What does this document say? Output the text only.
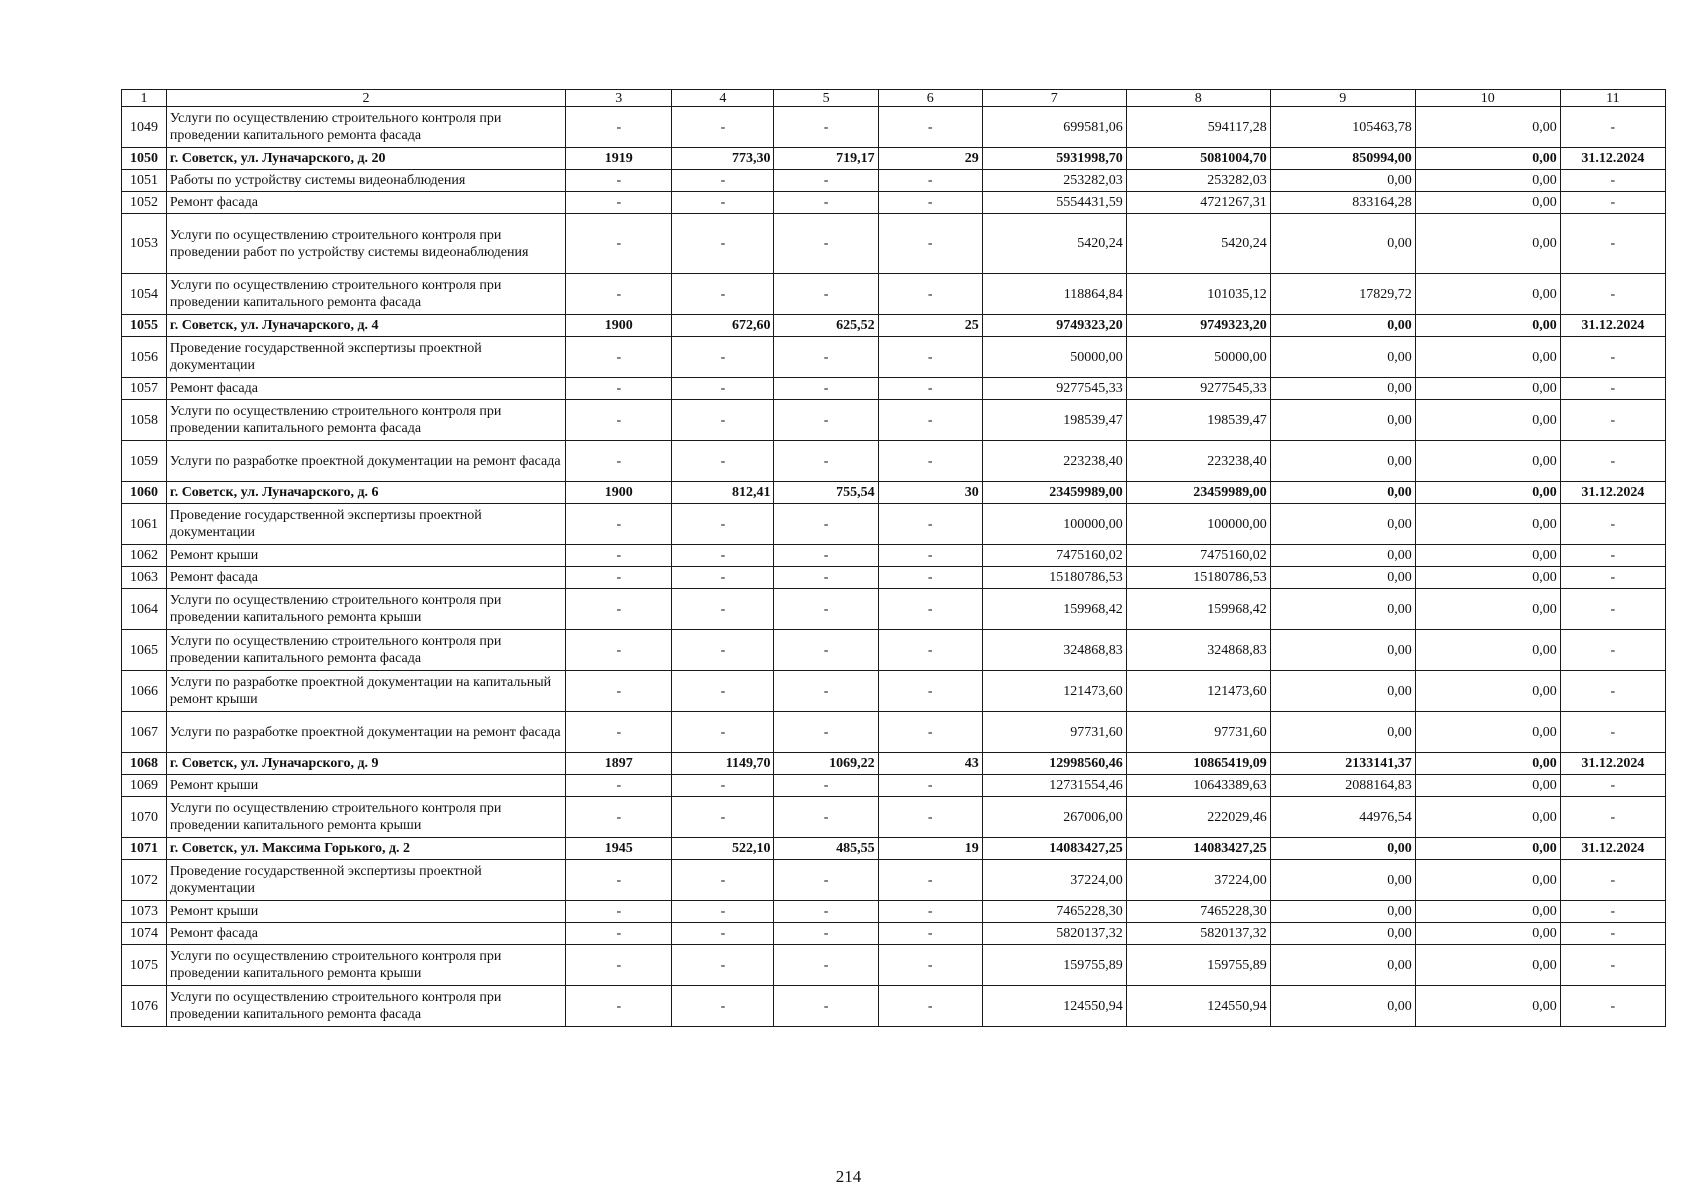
1	2	3	4	5	6	7	8	9	10	11
1049	Услуги по осуществлению строительного контроля при проведении капитального ремонта фасада	-	-	-	-	699581,06	594117,28	105463,78	0,00	-
1050	г. Советск, ул. Луначарского, д. 20	1919	773,30	719,17	29	5931998,70	5081004,70	850994,00	0,00	31.12.2024
1051	Работы по устройству системы видеонаблюдения	-	-	-	-	253282,03	253282,03	0,00	0,00	-
1052	Ремонт фасада	-	-	-	-	5554431,59	4721267,31	833164,28	0,00	-
1053	Услуги по осуществлению строительного контроля при проведении работ по устройству системы видеонаблюдения	-	-	-	-	5420,24	5420,24	0,00	0,00	-
1054	Услуги по осуществлению строительного контроля при проведении капитального ремонта фасада	-	-	-	-	118864,84	101035,12	17829,72	0,00	-
1055	г. Советск, ул. Луначарского, д. 4	1900	672,60	625,52	25	9749323,20	9749323,20	0,00	0,00	31.12.2024
1056	Проведение государственной экспертизы проектной документации	-	-	-	-	50000,00	50000,00	0,00	0,00	-
1057	Ремонт фасада	-	-	-	-	9277545,33	9277545,33	0,00	0,00	-
1058	Услуги по осуществлению строительного контроля при проведении капитального ремонта фасада	-	-	-	-	198539,47	198539,47	0,00	0,00	-
1059	Услуги по разработке проектной документации на ремонт фасада	-	-	-	-	223238,40	223238,40	0,00	0,00	-
1060	г. Советск, ул. Луначарского, д. 6	1900	812,41	755,54	30	23459989,00	23459989,00	0,00	0,00	31.12.2024
1061	Проведение государственной экспертизы проектной документации	-	-	-	-	100000,00	100000,00	0,00	0,00	-
1062	Ремонт крыши	-	-	-	-	7475160,02	7475160,02	0,00	0,00	-
1063	Ремонт фасада	-	-	-	-	15180786,53	15180786,53	0,00	0,00	-
1064	Услуги по осуществлению строительного контроля при проведении капитального ремонта крыши	-	-	-	-	159968,42	159968,42	0,00	0,00	-
1065	Услуги по осуществлению строительного контроля при проведении капитального ремонта фасада	-	-	-	-	324868,83	324868,83	0,00	0,00	-
1066	Услуги по разработке проектной документации на капитальный ремонт крыши	-	-	-	-	121473,60	121473,60	0,00	0,00	-
1067	Услуги по разработке проектной документации на ремонт фасада	-	-	-	-	97731,60	97731,60	0,00	0,00	-
1068	г. Советск, ул. Луначарского, д. 9	1897	1149,70	1069,22	43	12998560,46	10865419,09	2133141,37	0,00	31.12.2024
1069	Ремонт крыши	-	-	-	-	12731554,46	10643389,63	2088164,83	0,00	-
1070	Услуги по осуществлению строительного контроля при проведении капитального ремонта крыши	-	-	-	-	267006,00	222029,46	44976,54	0,00	-
1071	г. Советск, ул. Максима Горького, д. 2	1945	522,10	485,55	19	14083427,25	14083427,25	0,00	0,00	31.12.2024
1072	Проведение государственной экспертизы проектной документации	-	-	-	-	37224,00	37224,00	0,00	0,00	-
1073	Ремонт крыши	-	-	-	-	7465228,30	7465228,30	0,00	0,00	-
1074	Ремонт фасада	-	-	-	-	5820137,32	5820137,32	0,00	0,00	-
1075	Услуги по осуществлению строительного контроля при проведении капитального ремонта крыши	-	-	-	-	159755,89	159755,89	0,00	0,00	-
1076	Услуги по осуществлению строительного контроля при проведении капитального ремонта фасада	-	-	-	-	124550,94	124550,94	0,00	0,00	-
214
